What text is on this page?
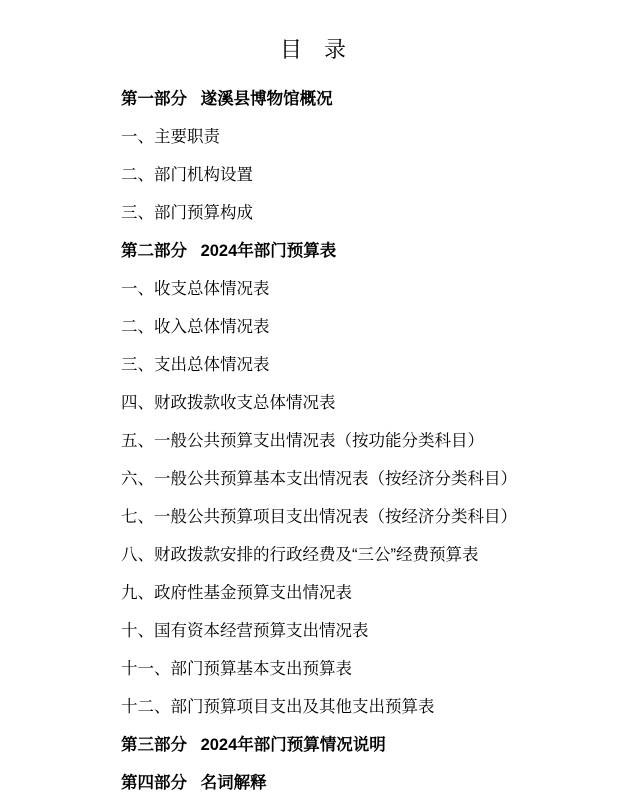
目 录
第一部分 遂溪县博物馆概况
一、主要职责
二、部门机构设置
三、部门预算构成
第二部分 2024年部门预算表
一、收支总体情况表
二、收入总体情况表
三、支出总体情况表
四、财政拨款收支总体情况表
五、一般公共预算支出情况表（按功能分类科目）
六、一般公共预算基本支出情况表（按经济分类科目）
七、一般公共预算项目支出情况表（按经济分类科目）
八、财政拨款安排的行政经费及“三公”经费预算表
九、政府性基金预算支出情况表
十、国有资本经营预算支出情况表
十一、部门预算基本支出预算表
十二、部门预算项目支出及其他支出预算表
第三部分 2024年部门预算情况说明
第四部分 名词解释
